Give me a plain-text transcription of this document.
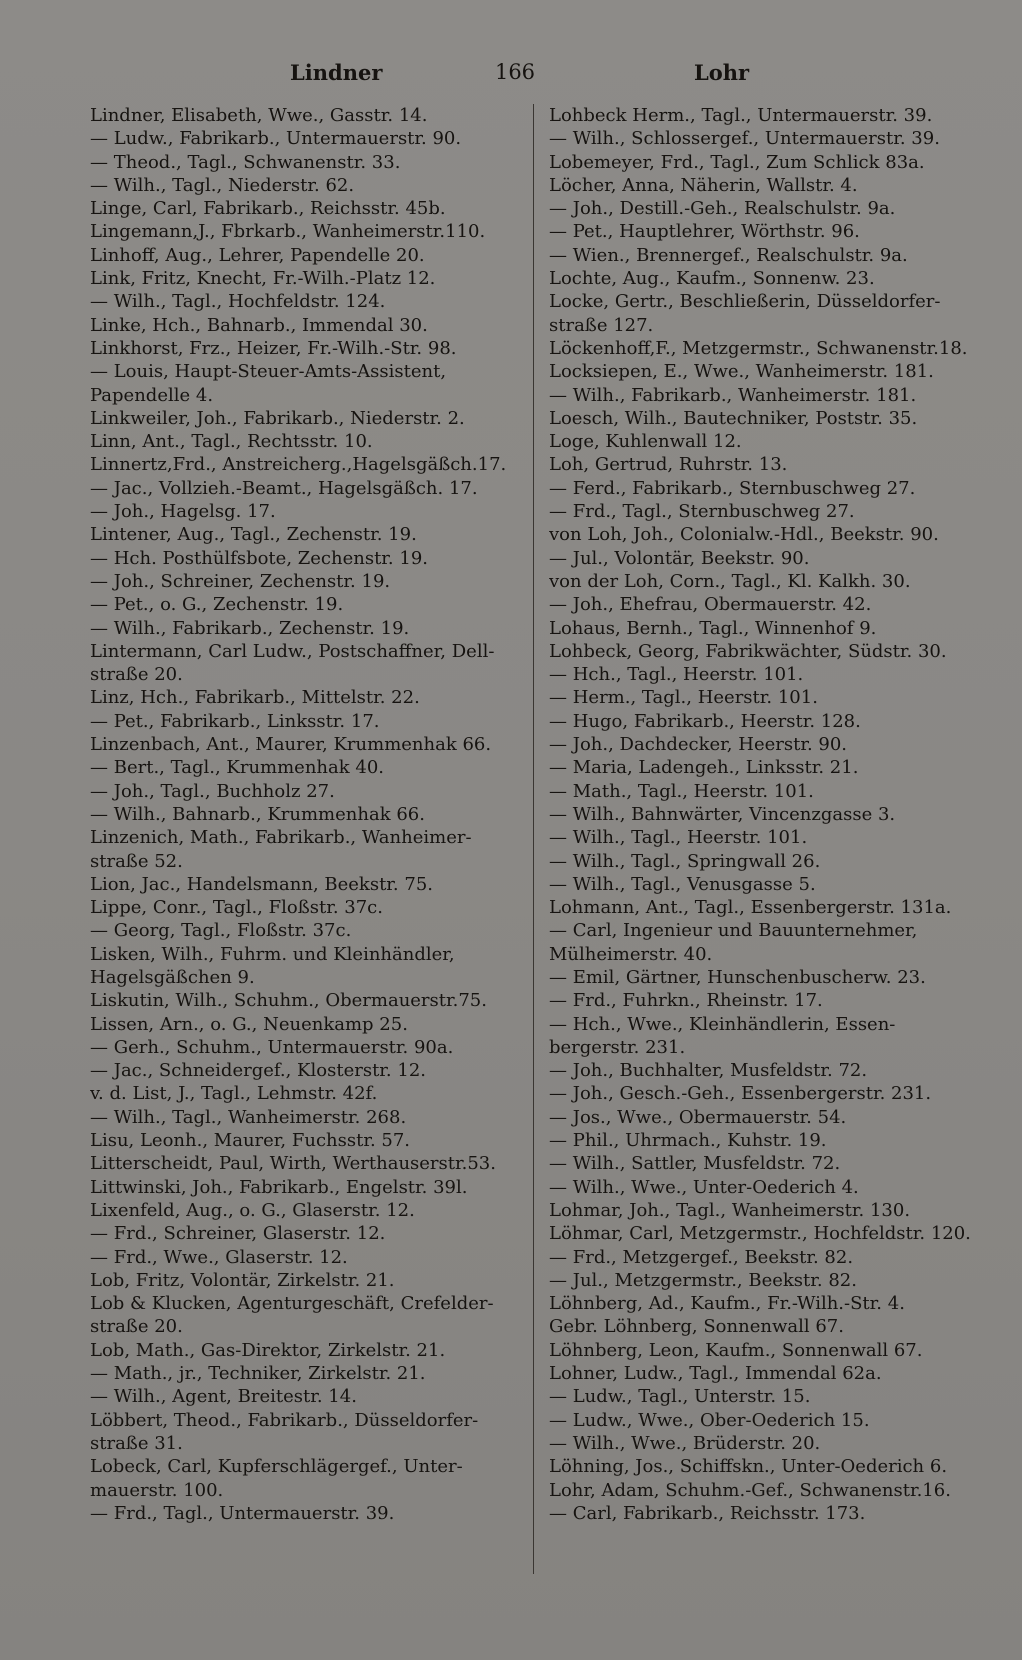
Lindner	166	Lohr
Lindner, Elisabeth, Wwe., Gasstr. 14.
— Ludw., Fabrikarb., Untermauerstr. 90.
— Theod., Tagl., Schwanenstr. 33.
— Wilh., Tagl., Niederstr. 62.
Linge, Carl, Fabrikarb., Reichsstr. 45b.
Lingemann,J., Fbrkarb., Wanheimerstr.110.
Linhoff, Aug., Lehrer, Papendelle 20.
Link, Fritz, Knecht, Fr.-Wilh.-Platz 12.
— Wilh., Tagl., Hochfeldstr. 124.
Linke, Hch., Bahnarb., Immendal 30.
Linkhorst, Frz., Heizer, Fr.-Wilh.-Str. 98.
— Louis, Haupt-Steuer-Amts-Assistent,
Papendelle 4.
Linkweiler, Joh., Fabrikarb., Niederstr. 2.
Linn, Ant., Tagl., Rechtsstr. 10.
Linnertz,Frd., Anstreicherg.,Hagelsgäßch.17.
— Jac., Vollzieh.-Beamt., Hagelsgäßch. 17.
— Joh., Hagelsg. 17.
Lintener, Aug., Tagl., Zechenstr. 19.
— Hch. Posthülfsbote, Zechenstr. 19.
— Joh., Schreiner, Zechenstr. 19.
— Pet., o. G., Zechenstr. 19.
— Wilh., Fabrikarb., Zechenstr. 19.
Lintermann, Carl Ludw., Postschaffner, Dell-
straße 20.
Linz, Hch., Fabrikarb., Mittelstr. 22.
— Pet., Fabrikarb., Linksstr. 17.
Linzenbach, Ant., Maurer, Krummenhak 66.
— Bert., Tagl., Krummenhak 40.
— Joh., Tagl., Buchholz 27.
— Wilh., Bahnarb., Krummenhak 66.
Linzenich, Math., Fabrikarb., Wanheimer-
straße 52.
Lion, Jac., Handelsmann, Beekstr. 75.
Lippe, Conr., Tagl., Floßstr. 37c.
— Georg, Tagl., Floßstr. 37c.
Lisken, Wilh., Fuhrm. und Kleinhändler,
Hagelsgäßchen 9.
Liskutin, Wilh., Schuhm., Obermauerstr.75.
Lissen, Arn., o. G., Neuenkamp 25.
— Gerh., Schuhm., Untermauerstr. 90a.
— Jac., Schneidergef., Klosterstr. 12.
v. d. List, J., Tagl., Lehmstr. 42f.
— Wilh., Tagl., Wanheimerstr. 268.
Lisu, Leonh., Maurer, Fuchsstr. 57.
Litterscheidt, Paul, Wirth, Werthauserstr.53.
Littwinski, Joh., Fabrikarb., Engelstr. 39l.
Lixenfeld, Aug., o. G., Glaserstr. 12.
— Frd., Schreiner, Glaserstr. 12.
— Frd., Wwe., Glaserstr. 12.
Lob, Fritz, Volontär, Zirkelstr. 21.
Lob & Klucken, Agenturgeschäft, Crefelder-
straße 20.
Lob, Math., Gas-Direktor, Zirkelstr. 21.
— Math., jr., Techniker, Zirkelstr. 21.
— Wilh., Agent, Breitestr. 14.
Löbbert, Theod., Fabrikarb., Düsseldorfer-
straße 31.
Lobeck, Carl, Kupferschlägergef., Unter-
mauerstr. 100.
— Frd., Tagl., Untermauerstr. 39.
Lohbeck Herm., Tagl., Untermauerstr. 39.
— Wilh., Schlossergef., Untermauerstr. 39.
Lobemeyer, Frd., Tagl., Zum Schlick 83a.
Löcher, Anna, Näherin, Wallstr. 4.
— Joh., Destill.-Geh., Realschulstr. 9a.
— Pet., Hauptlehrer, Wörthstr. 96.
— Wien., Brennergef., Realschulstr. 9a.
Lochte, Aug., Kaufm., Sonnenw. 23.
Locke, Gertr., Beschließerin, Düsseldorfer-
straße 127.
Löckenhoff,F., Metzgermstr., Schwanenstr.18.
Locksiepen, E., Wwe., Wanheimerstr. 181.
— Wilh., Fabrikarb., Wanheimerstr. 181.
Loesch, Wilh., Bautechniker, Poststr. 35.
Loge, Kuhlenwall 12.
Loh, Gertrud, Ruhrstr. 13.
— Ferd., Fabrikarb., Sternbuschweg 27.
— Frd., Tagl., Sternbuschweg 27.
von Loh, Joh., Colonialw.-Hdl., Beekstr. 90.
— Jul., Volontär, Beekstr. 90.
von der Loh, Corn., Tagl., Kl. Kalkh. 30.
— Joh., Ehefrau, Obermauerstr. 42.
Lohaus, Bernh., Tagl., Winnenhof 9.
Lohbeck, Georg, Fabrikwächter, Südstr. 30.
— Hch., Tagl., Heerstr. 101.
— Herm., Tagl., Heerstr. 101.
— Hugo, Fabrikarb., Heerstr. 128.
— Joh., Dachdecker, Heerstr. 90.
— Maria, Ladengeh., Linksstr. 21.
— Math., Tagl., Heerstr. 101.
— Wilh., Bahnwärter, Vincenzgasse 3.
— Wilh., Tagl., Heerstr. 101.
— Wilh., Tagl., Springwall 26.
— Wilh., Tagl., Venusgasse 5.
Lohmann, Ant., Tagl., Essenbergerstr. 131a.
— Carl, Ingenieur und Bauunternehmer,
Mülheimerstr. 40.
— Emil, Gärtner, Hunschenbuscherw. 23.
— Frd., Fuhrkn., Rheinstr. 17.
— Hch., Wwe., Kleinhändlerin, Essen-
bergerstr. 231.
— Joh., Buchhalter, Musfeldstr. 72.
— Joh., Gesch.-Geh., Essenbergerstr. 231.
— Jos., Wwe., Obermauerstr. 54.
— Phil., Uhrmach., Kuhstr. 19.
— Wilh., Sattler, Musfeldstr. 72.
— Wilh., Wwe., Unter-Oederich 4.
Lohmar, Joh., Tagl., Wanheimerstr. 130.
Löhmar, Carl, Metzgermstr., Hochfeldstr. 120.
— Frd., Metzgergef., Beekstr. 82.
— Jul., Metzgermstr., Beekstr. 82.
Löhnberg, Ad., Kaufm., Fr.-Wilh.-Str. 4.
Gebr. Löhnberg, Sonnenwall 67.
Löhnberg, Leon, Kaufm., Sonnenwall 67.
Lohner, Ludw., Tagl., Immendal 62a.
— Ludw., Tagl., Unterstr. 15.
— Ludw., Wwe., Ober-Oederich 15.
— Wilh., Wwe., Brüderstr. 20.
Löhning, Jos., Schiffskn., Unter-Oederich 6.
Lohr, Adam, Schuhm.-Gef., Schwanenstr.16.
— Carl, Fabrikarb., Reichsstr. 173.
